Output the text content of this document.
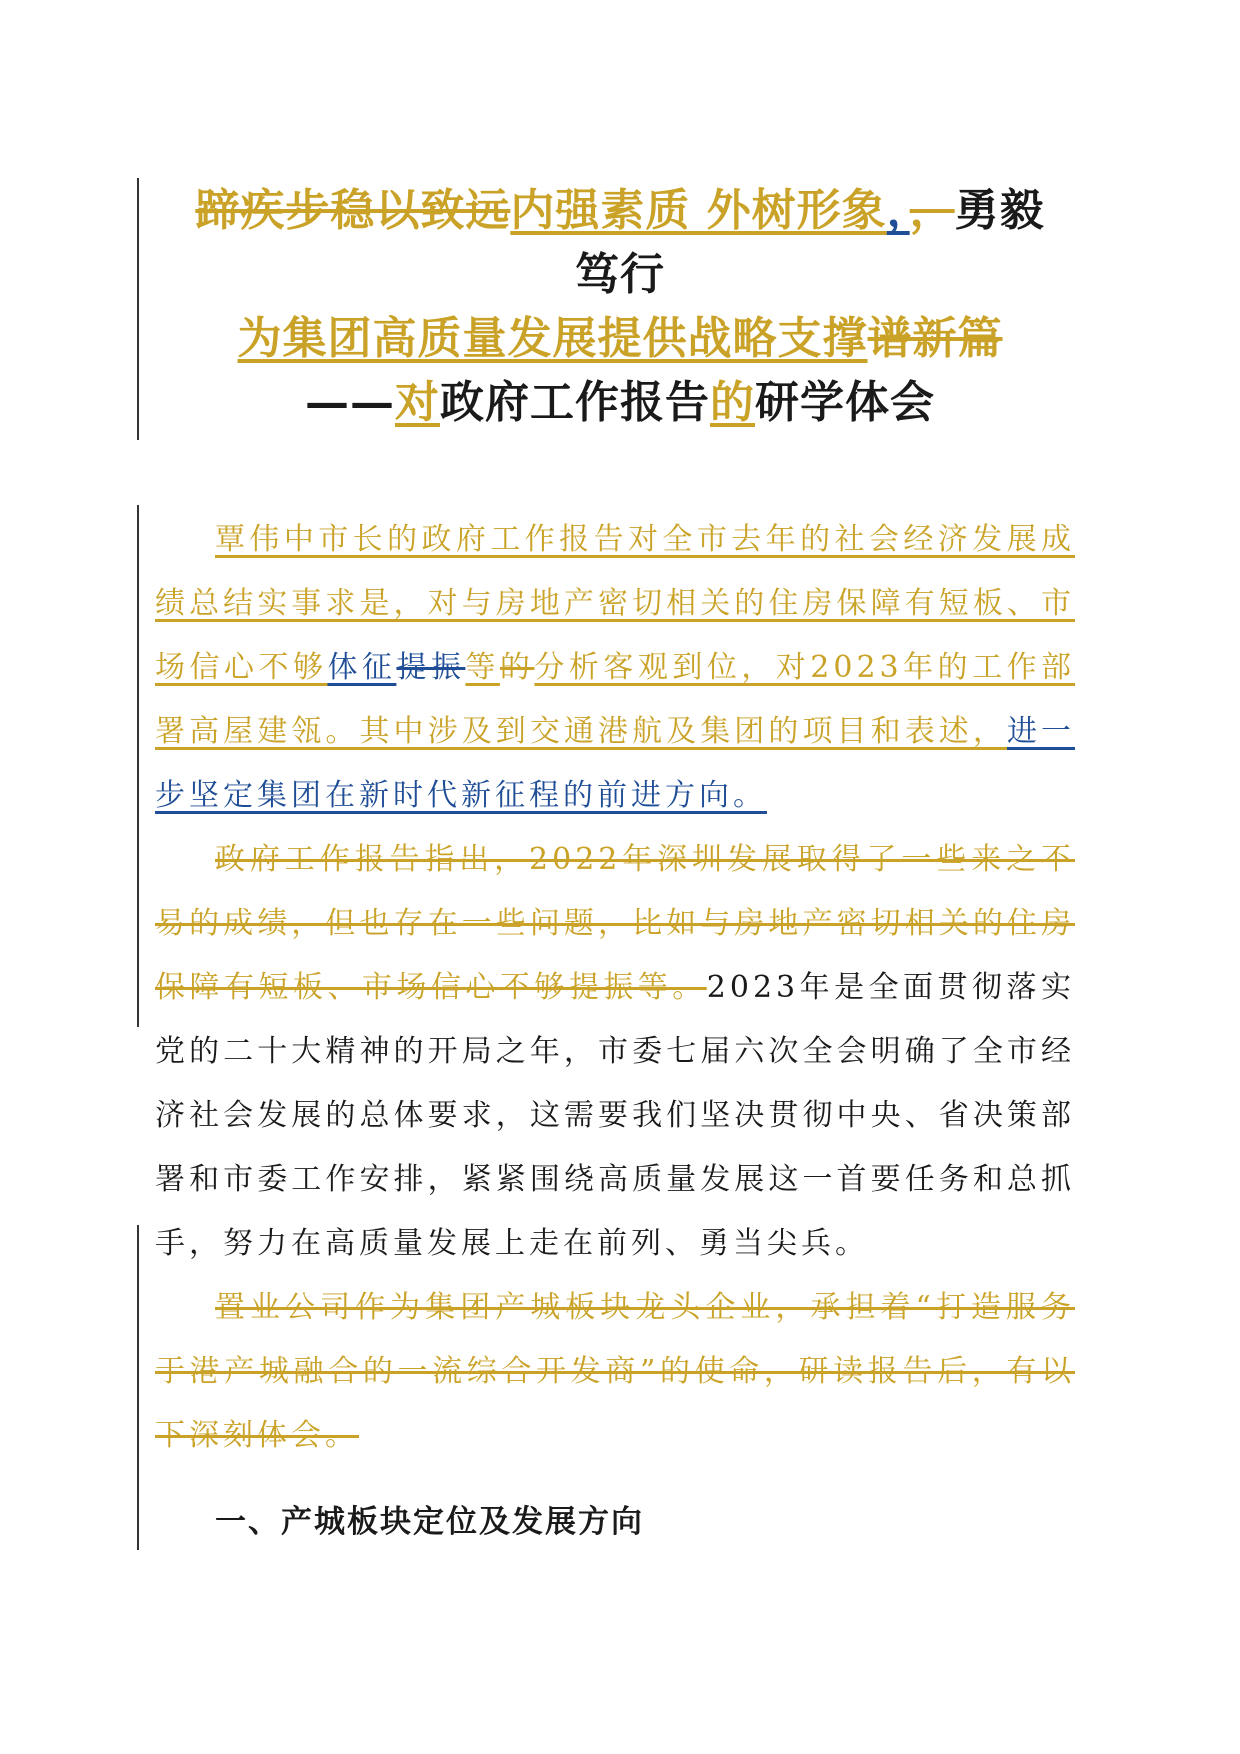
蹄疾步稳以致远内强素质 外树形象，，勇毅
笃行
为集团高质量发展提供战略支撑谱新篇
——对政府工作报告的研学体会

覃伟中市长的政府工作报告对全市去年的社会经济发展成绩总结实事求是，对与房地产密切相关的住房保障有短板、市场信心不够体征提振等的分析客观到位，对2023年的工作部署高屋建瓴。其中涉及到交通港航及集团的项目和表述，进一步坚定集团在新时代新征程的前进方向。

政府工作报告指出，2022年深圳发展取得了一些来之不易的成绩，但也存在一些问题，比如与房地产密切相关的住房保障有短板、市场信心不够提振等。2023年是全面贯彻落实党的二十大精神的开局之年，市委七届六次全会明确了全市经济社会发展的总体要求，这需要我们坚决贯彻中央、省决策部署和市委工作安排，紧紧围绕高质量发展这一首要任务和总抓手，努力在高质量发展上走在前列、勇当尖兵。

置业公司作为集团产城板块龙头企业，承担着“打造服务于港产城融合的一流综合开发商”的使命，研读报告后，有以下深刻体会。

一、产城板块定位及发展方向
